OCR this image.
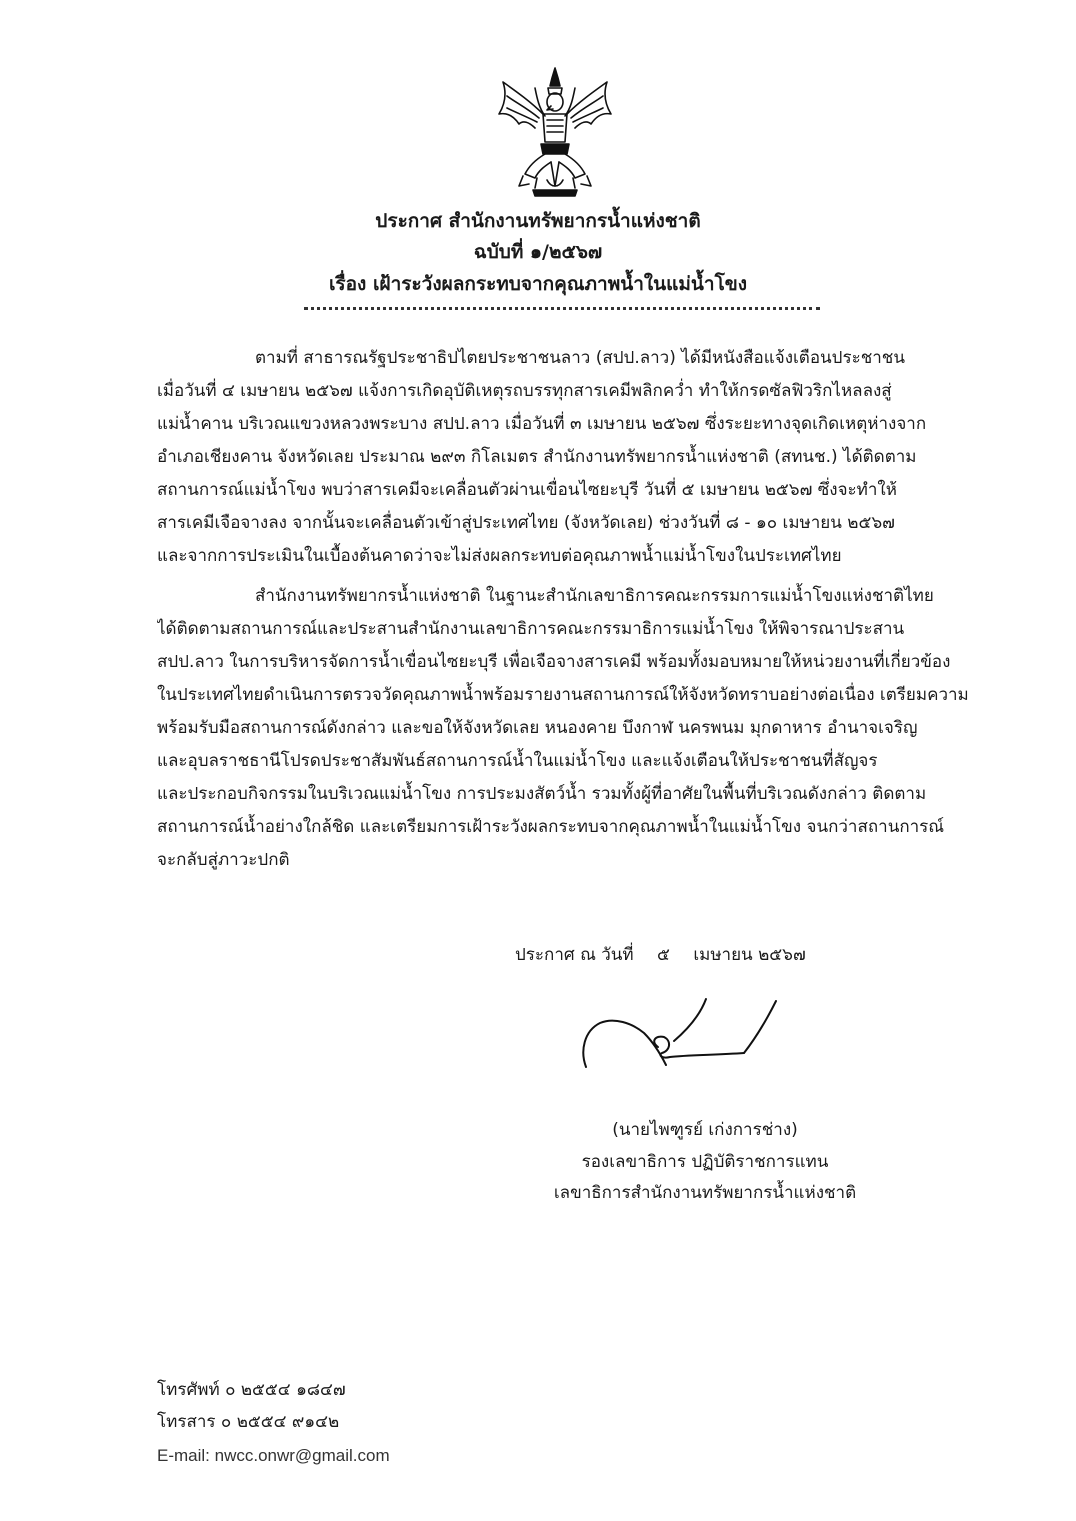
ประกาศ สำนักงานทรัพยากรน้ำแห่งชาติ
ฉบับที่ ๑/๒๕๖๗
เรื่อง เฝ้าระวังผลกระทบจากคุณภาพน้ำในแม่น้ำโขง
ตามที่ สาธารณรัฐประชาธิปไตยประชาชนลาว (สปป.ลาว) ได้มีหนังสือแจ้งเตือนประชาชน
เมื่อวันที่ ๔ เมษายน ๒๕๖๗ แจ้งการเกิดอุบัติเหตุรถบรรทุกสารเคมีพลิกคว่ำ ทำให้กรดซัลฟิวริกไหลลงสู่
แม่น้ำคาน บริเวณแขวงหลวงพระบาง สปป.ลาว เมื่อวันที่ ๓ เมษายน ๒๕๖๗ ซึ่งระยะทางจุดเกิดเหตุห่างจาก
อำเภอเชียงคาน จังหวัดเลย ประมาณ ๒๙๓ กิโลเมตร สำนักงานทรัพยากรน้ำแห่งชาติ (สทนช.) ได้ติดตาม
สถานการณ์แม่น้ำโขง พบว่าสารเคมีจะเคลื่อนตัวผ่านเขื่อนไซยะบุรี วันที่ ๕ เมษายน ๒๕๖๗ ซึ่งจะทำให้
สารเคมีเจือจางลง จากนั้นจะเคลื่อนตัวเข้าสู่ประเทศไทย (จังหวัดเลย) ช่วงวันที่ ๘ - ๑๐ เมษายน ๒๕๖๗
และจากการประเมินในเบื้องต้นคาดว่าจะไม่ส่งผลกระทบต่อคุณภาพน้ำแม่น้ำโขงในประเทศไทย
สำนักงานทรัพยากรน้ำแห่งชาติ ในฐานะสำนักเลขาธิการคณะกรรมการแม่น้ำโขงแห่งชาติไทย
ได้ติดตามสถานการณ์และประสานสำนักงานเลขาธิการคณะกรรมาธิการแม่น้ำโขง ให้พิจารณาประสาน
สปป.ลาว ในการบริหารจัดการน้ำเขื่อนไซยะบุรี เพื่อเจือจางสารเคมี พร้อมทั้งมอบหมายให้หน่วยงานที่เกี่ยวข้อง
ในประเทศไทยดำเนินการตรวจวัดคุณภาพน้ำพร้อมรายงานสถานการณ์ให้จังหวัดทราบอย่างต่อเนื่อง เตรียมความ
พร้อมรับมือสถานการณ์ดังกล่าว และขอให้จังหวัดเลย หนองคาย บึงกาฬ นครพนม มุกดาหาร อำนาจเจริญ
และอุบลราชธานีโปรดประชาสัมพันธ์สถานการณ์น้ำในแม่น้ำโขง และแจ้งเตือนให้ประชาชนที่สัญจร
และประกอบกิจกรรมในบริเวณแม่น้ำโขง การประมงสัตว์น้ำ รวมทั้งผู้ที่อาศัยในพื้นที่บริเวณดังกล่าว ติดตาม
สถานการณ์น้ำอย่างใกล้ชิด และเตรียมการเฝ้าระวังผลกระทบจากคุณภาพน้ำในแม่น้ำโขง จนกว่าสถานการณ์
จะกลับสู่ภาวะปกติ
ประกาศ ณ วันที่ ๕ เมษายน ๒๕๖๗
(นายไพฑูรย์ เก่งการช่าง)
รองเลขาธิการ ปฏิบัติราชการแทน
เลขาธิการสำนักงานทรัพยากรน้ำแห่งชาติ
โทรศัพท์ ๐ ๒๕๕๔ ๑๘๔๗
โทรสาร ๐ ๒๕๕๔ ๙๑๔๒
E-mail: nwcc.onwr@gmail.com
